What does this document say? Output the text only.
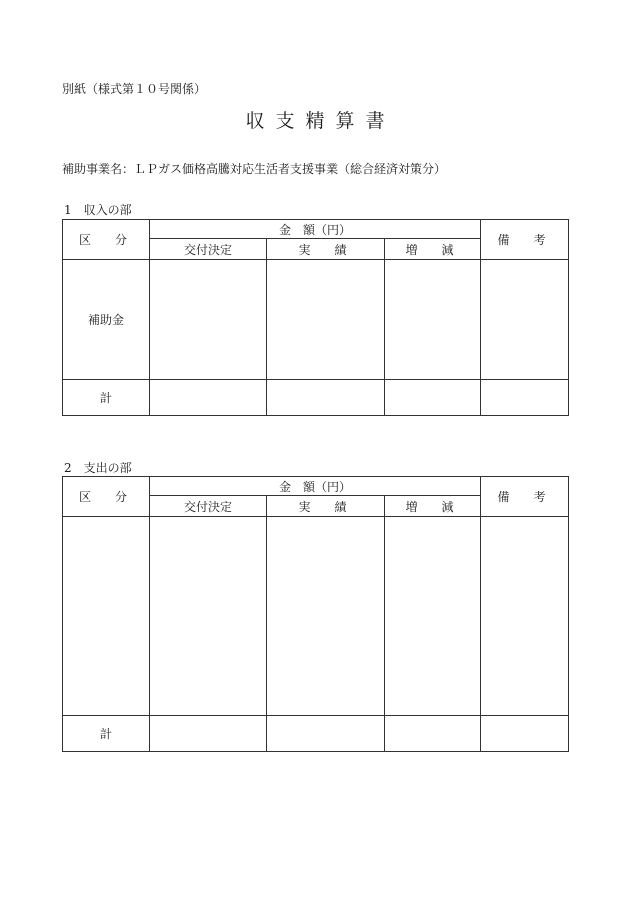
別紙（様式第１０号関係）
収支精算書
補助事業名：ＬＰガス価格高騰対応生活者支援事業（総合経済対策分）
1　収入の部
区　分	金　額（円）			備　考
	交付決定	実　績	増　減	
補助金				
計				
2　支出の部
区　分	金　額（円）			備　考
	交付決定	実　績	増　減	

計				
